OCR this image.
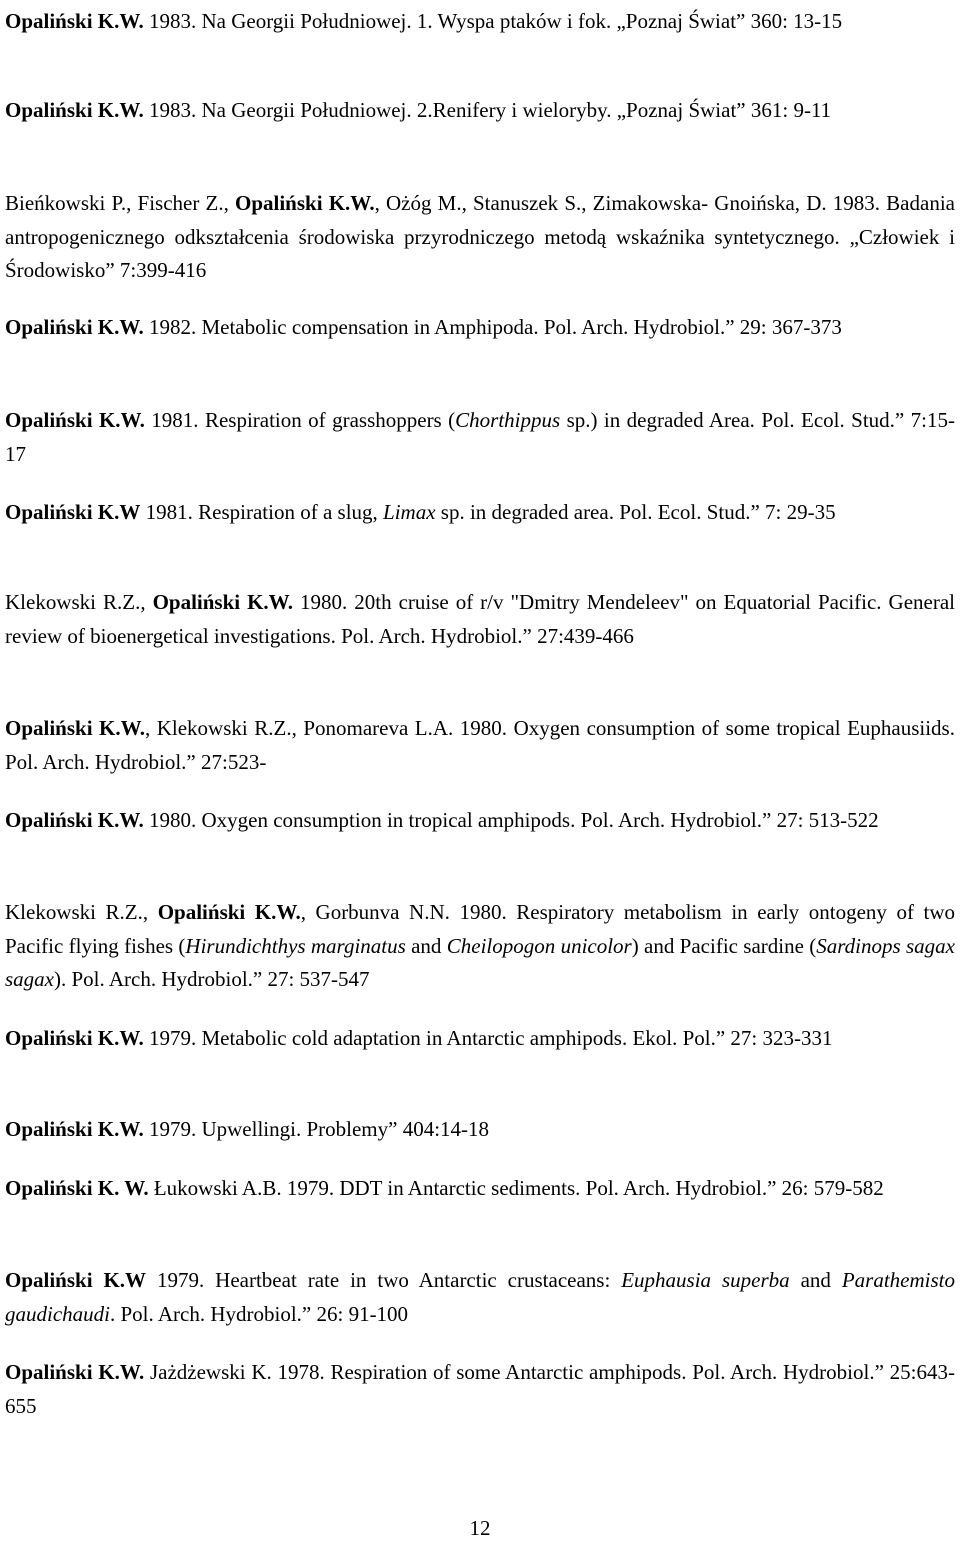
Opaliński K.W. 1983. Na Georgii Południowej. 1. Wyspa ptaków i fok. „Poznaj Świat” 360: 13-15
Opaliński K.W. 1983. Na Georgii Południowej. 2.Renifery i wieloryby. „Poznaj Świat” 361: 9-11
Bieńkowski P., Fischer Z., Opaliński K.W., Ożóg M., Stanuszek S., Zimakowska- Gnoińska, D. 1983. Badania antropogenicznego odkształcenia środowiska przyrodniczego metodą wskaźnika syntetycznego. „Człowiek i Środowisko” 7:399-416
Opaliński K.W. 1982. Metabolic compensation in Amphipoda. Pol. Arch. Hydrobiol.” 29: 367-373
Opaliński K.W. 1981. Respiration of grasshoppers (Chorthippus sp.) in degraded Area. Pol. Ecol. Stud.” 7:15-17
Opaliński K.W 1981. Respiration of a slug, Limax sp. in degraded area. Pol. Ecol. Stud.” 7: 29-35
Klekowski R.Z., Opaliński K.W. 1980. 20th cruise of r/v "Dmitry Mendeleev" on Equatorial Pacific. General review of bioenergetical investigations. Pol. Arch. Hydrobiol.” 27:439-466
Opaliński K.W., Klekowski R.Z., Ponomareva L.A. 1980. Oxygen consumption of some tropical Euphausiids. Pol. Arch. Hydrobiol.” 27:523-
Opaliński K.W. 1980. Oxygen consumption in tropical amphipods. Pol. Arch. Hydrobiol.” 27: 513-522
Klekowski R.Z., Opaliński K.W., Gorbunva N.N. 1980. Respiratory metabolism in early ontogeny of two Pacific flying fishes (Hirundichthys marginatus and Cheilopogon unicolor) and Pacific sardine (Sardinops sagax sagax). Pol. Arch. Hydrobiol.” 27: 537-547
Opaliński K.W. 1979. Metabolic cold adaptation in Antarctic amphipods. Ekol. Pol.” 27: 323-331
Opaliński K.W. 1979. Upwellingi. Problemy” 404:14-18
Opaliński K. W. Łukowski A.B. 1979. DDT in Antarctic sediments. Pol. Arch. Hydrobiol.” 26: 579-582
Opaliński K.W 1979. Heartbeat rate in two Antarctic crustaceans: Euphausia superba and Parathemisto gaudichaudi. Pol. Arch. Hydrobiol.” 26: 91-100
Opaliński K.W. Jażdżewski K. 1978. Respiration of some Antarctic amphipods. Pol. Arch. Hydrobiol.” 25:643-655
12
